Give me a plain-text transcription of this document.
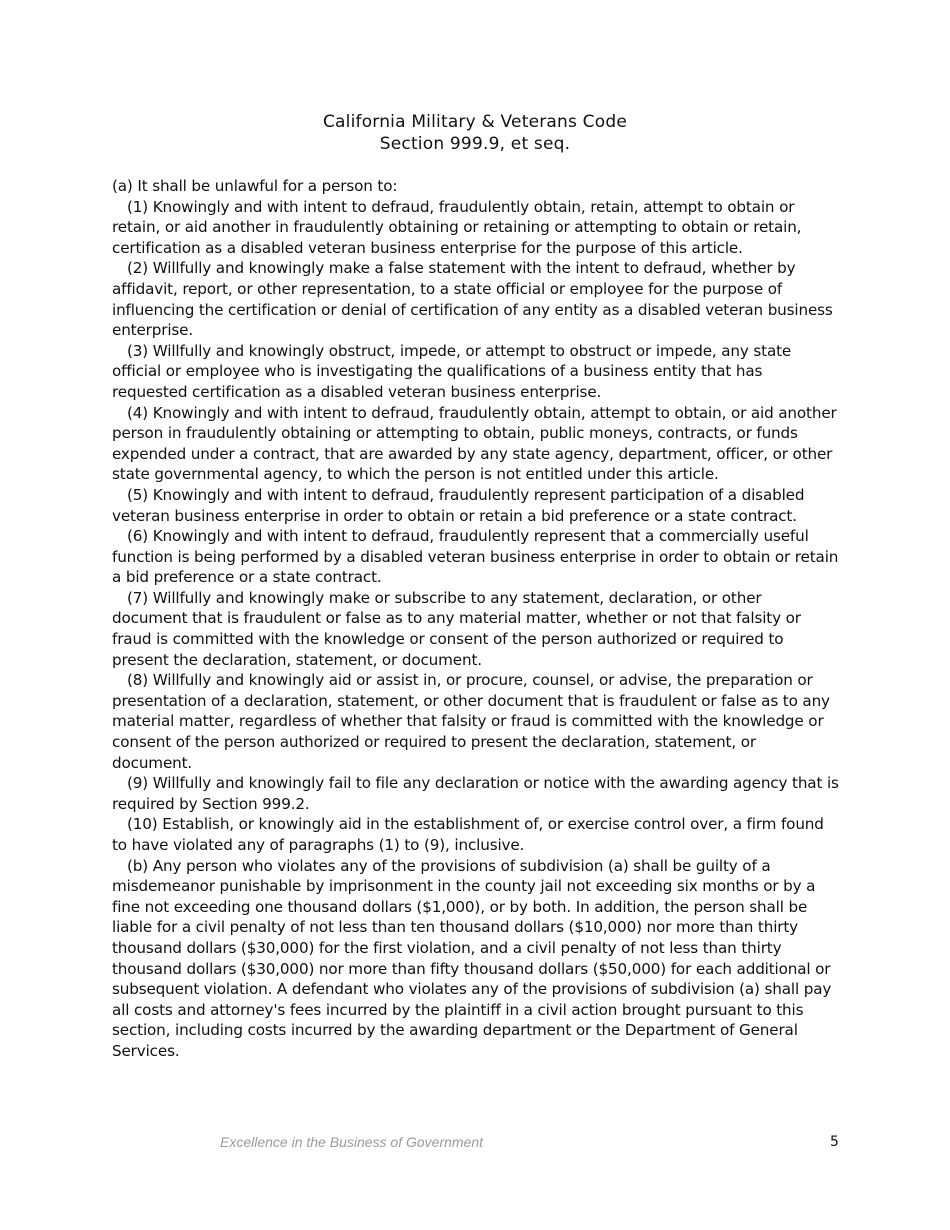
California Military & Veterans Code
Section 999.9, et seq.

(a) It shall be unlawful for a person to:

(1) Knowingly and with intent to defraud, fraudulently obtain, retain, attempt to obtain or retain, or aid another in fraudulently obtaining or retaining or attempting to obtain or retain, certification as a disabled veteran business enterprise for the purpose of this article.

(2) Willfully and knowingly make a false statement with the intent to defraud, whether by affidavit, report, or other representation, to a state official or employee for the purpose of influencing the certification or denial of certification of any entity as a disabled veteran business enterprise.

(3) Willfully and knowingly obstruct, impede, or attempt to obstruct or impede, any state official or employee who is investigating the qualifications of a business entity that has requested certification as a disabled veteran business enterprise.

(4) Knowingly and with intent to defraud, fraudulently obtain, attempt to obtain, or aid another person in fraudulently obtaining or attempting to obtain, public moneys, contracts, or funds expended under a contract, that are awarded by any state agency, department, officer, or other state governmental agency, to which the person is not entitled under this article.

(5) Knowingly and with intent to defraud, fraudulently represent participation of a disabled veteran business enterprise in order to obtain or retain a bid preference or a state contract.

(6) Knowingly and with intent to defraud, fraudulently represent that a commercially useful function is being performed by a disabled veteran business enterprise in order to obtain or retain a bid preference or a state contract.

(7) Willfully and knowingly make or subscribe to any statement, declaration, or other document that is fraudulent or false as to any material matter, whether or not that falsity or fraud is committed with the knowledge or consent of the person authorized or required to present the declaration, statement, or document.

(8) Willfully and knowingly aid or assist in, or procure, counsel, or advise, the preparation or presentation of a declaration, statement, or other document that is fraudulent or false as to any material matter, regardless of whether that falsity or fraud is committed with the knowledge or consent of the person authorized or required to present the declaration, statement, or document.

(9) Willfully and knowingly fail to file any declaration or notice with the awarding agency that is required by Section 999.2.

(10) Establish, or knowingly aid in the establishment of, or exercise control over, a firm found to have violated any of paragraphs (1) to (9), inclusive.

(b) Any person who violates any of the provisions of subdivision (a) shall be guilty of a misdemeanor punishable by imprisonment in the county jail not exceeding six months or by a fine not exceeding one thousand dollars ($1,000), or by both. In addition, the person shall be liable for a civil penalty of not less than ten thousand dollars ($10,000) nor more than thirty thousand dollars ($30,000) for the first violation, and a civil penalty of not less than thirty thousand dollars ($30,000) nor more than fifty thousand dollars ($50,000) for each additional or subsequent violation. A defendant who violates any of the provisions of subdivision (a) shall pay all costs and attorney's fees incurred by the plaintiff in a civil action brought pursuant to this section, including costs incurred by the awarding department or the Department of General Services.

Excellence in the Business of Government	5
